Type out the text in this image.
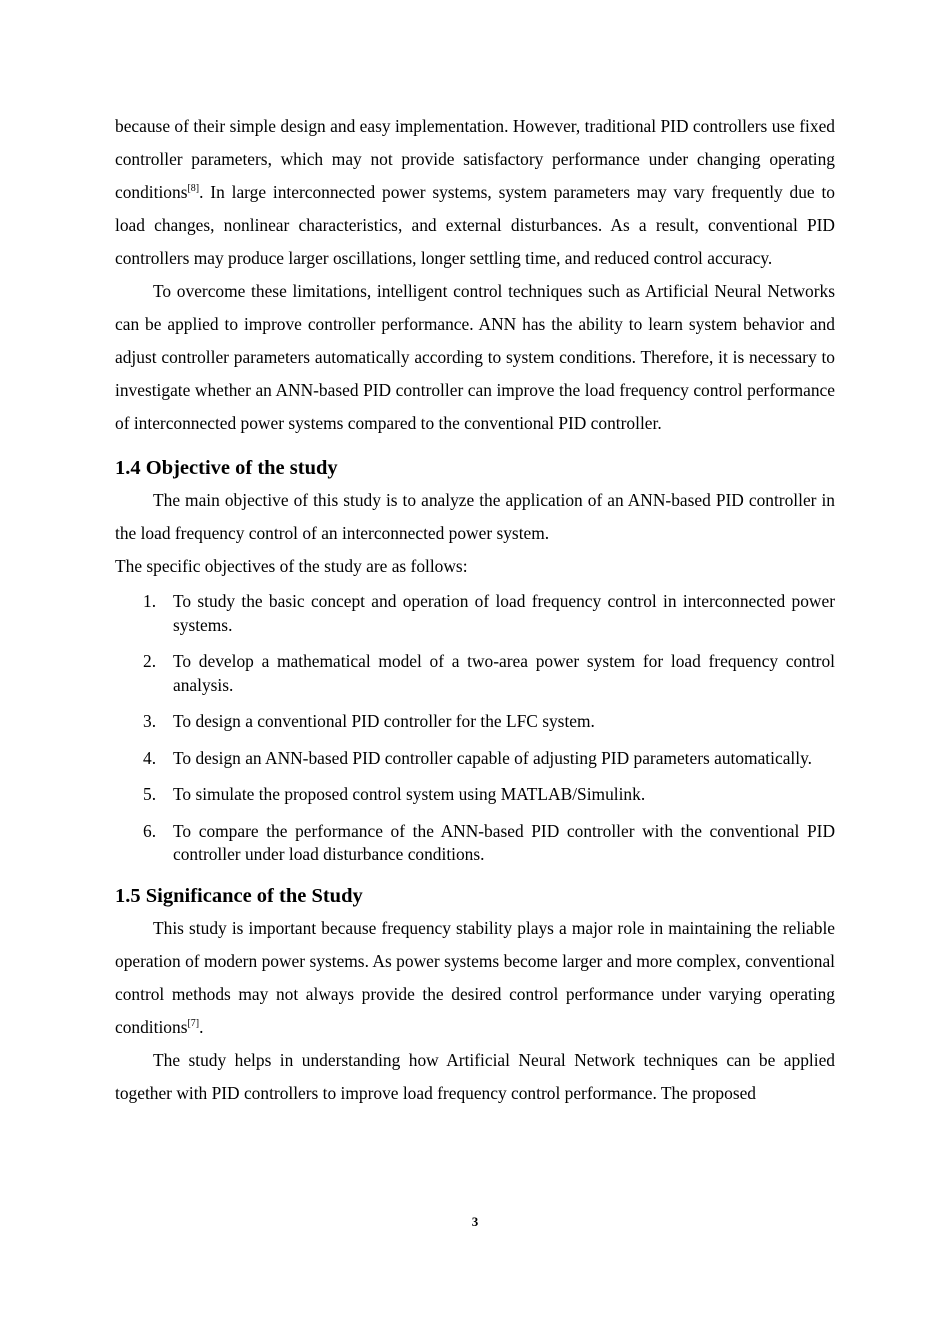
because of their simple design and easy implementation. However, traditional PID controllers use fixed controller parameters, which may not provide satisfactory performance under changing operating conditions[8]. In large interconnected power systems, system parameters may vary frequently due to load changes, nonlinear characteristics, and external disturbances. As a result, conventional PID controllers may produce larger oscillations, longer settling time, and reduced control accuracy.

To overcome these limitations, intelligent control techniques such as Artificial Neural Networks can be applied to improve controller performance. ANN has the ability to learn system behavior and adjust controller parameters automatically according to system conditions. Therefore, it is necessary to investigate whether an ANN-based PID controller can improve the load frequency control performance of interconnected power systems compared to the conventional PID controller.

1.4 Objective of the study

The main objective of this study is to analyze the application of an ANN-based PID controller in the load frequency control of an interconnected power system.

The specific objectives of the study are as follows:

1. To study the basic concept and operation of load frequency control in interconnected power systems.
2. To develop a mathematical model of a two-area power system for load frequency control analysis.
3. To design a conventional PID controller for the LFC system.
4. To design an ANN-based PID controller capable of adjusting PID parameters automatically.
5. To simulate the proposed control system using MATLAB/Simulink.
6. To compare the performance of the ANN-based PID controller with the conventional PID controller under load disturbance conditions.
1.5 Significance of the Study

This study is important because frequency stability plays a major role in maintaining the reliable operation of modern power systems. As power systems become larger and more complex, conventional control methods may not always provide the desired control performance under varying operating conditions[7].

The study helps in understanding how Artificial Neural Network techniques can be applied together with PID controllers to improve load frequency control performance. The proposed

3
